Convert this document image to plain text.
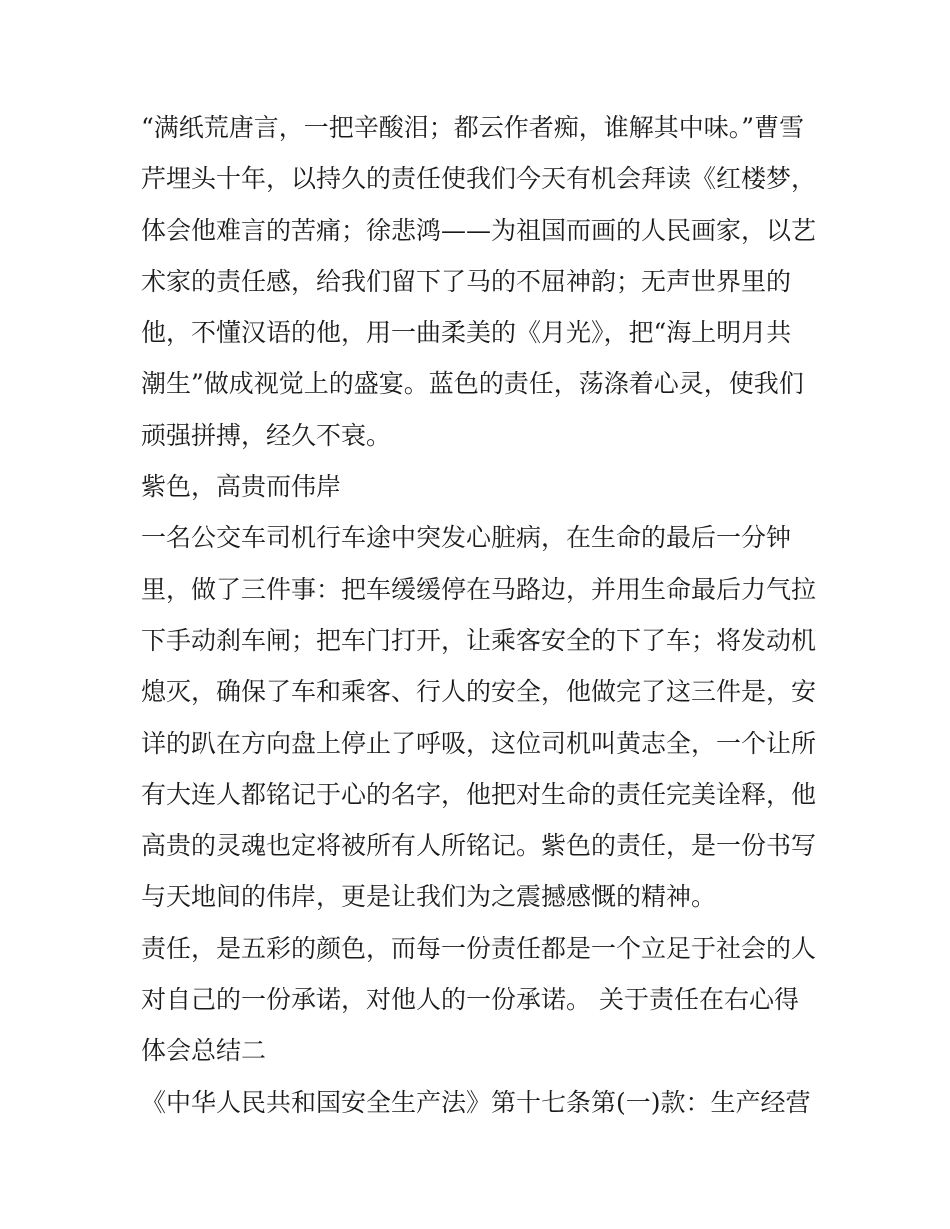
“满纸荒唐言，一把辛酸泪；都云作者痴，谁解其中味。”曹雪
芹埋头十年，以持久的责任使我们今天有机会拜读《红楼梦，
体会他难言的苦痛；徐悲鸿——为祖国而画的人民画家，以艺
术家的责任感，给我们留下了马的不屈神韵；无声世界里的
他，不懂汉语的他，用一曲柔美的《月光》，把“海上明月共
潮生”做成视觉上的盛宴。蓝色的责任，荡涤着心灵，使我们
顽强拼搏，经久不衰。
紫色，高贵而伟岸
一名公交车司机行车途中突发心脏病，在生命的最后一分钟
里，做了三件事：把车缓缓停在马路边，并用生命最后力气拉
下手动刹车闸；把车门打开，让乘客安全的下了车；将发动机
熄灭，确保了车和乘客、行人的安全，他做完了这三件是，安
详的趴在方向盘上停止了呼吸，这位司机叫黄志全，一个让所
有大连人都铭记于心的名字，他把对生命的责任完美诠释，他
高贵的灵魂也定将被所有人所铭记。紫色的责任，是一份书写
与天地间的伟岸，更是让我们为之震撼感慨的精神。
责任，是五彩的颜色，而每一份责任都是一个立足于社会的人
对自己的一份承诺，对他人的一份承诺。 关于责任在右心得
体会总结二
《中华人民共和国安全生产法》第十七条第(一)款：生产经营
